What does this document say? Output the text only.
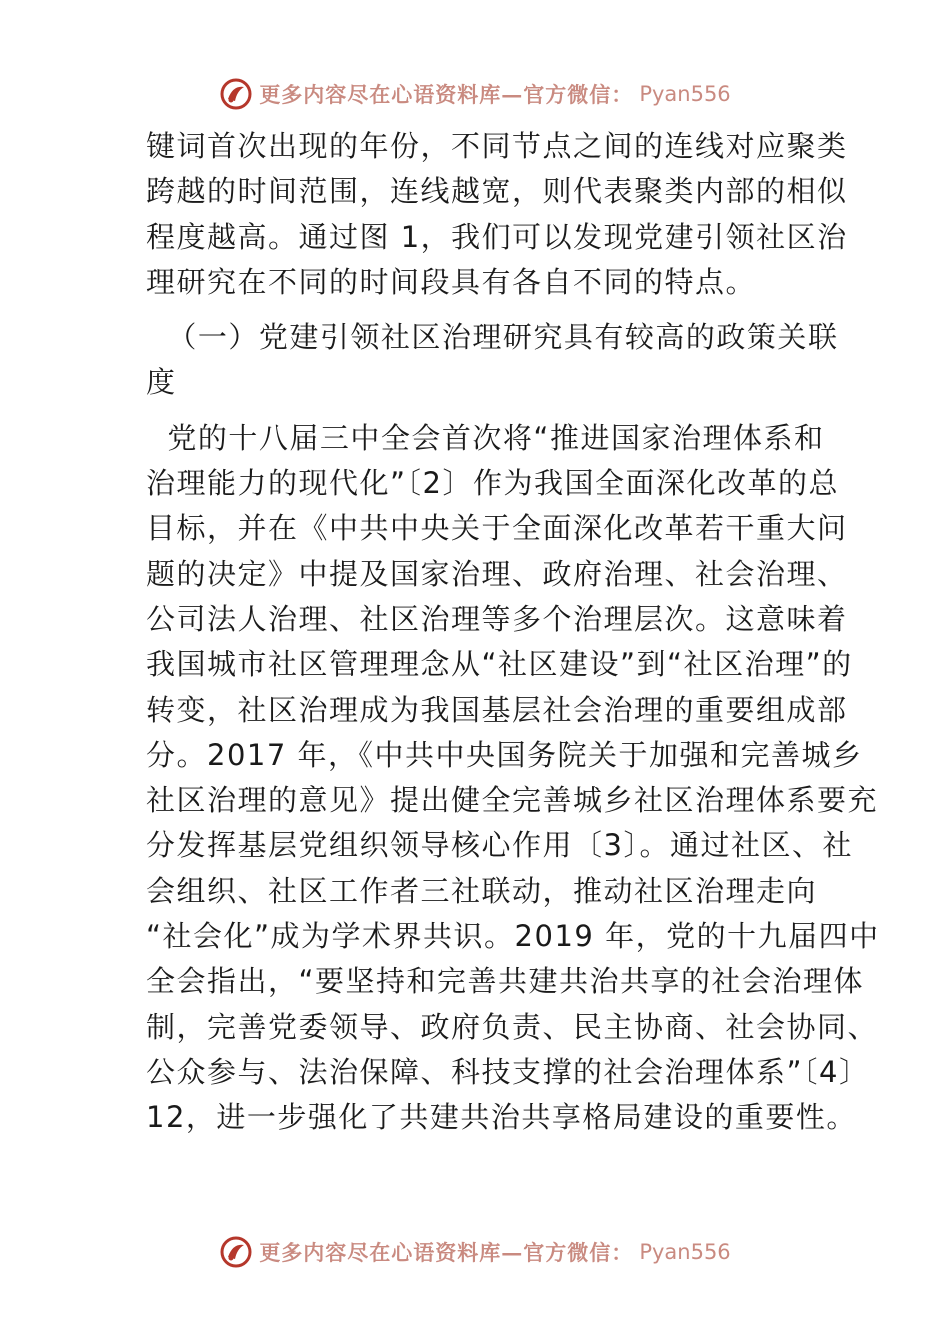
更多内容尽在心语资料库—官方微信： Pyan556
键词首次出现的年份，不同节点之间的连线对应聚类
跨越的时间范围，连线越宽，则代表聚类内部的相似
程度越高。通过图 1，我们可以发现党建引领社区治
理研究在不同的时间段具有各自不同的特点。
（一）党建引领社区治理研究具有较高的政策关联
度
党的十八届三中全会首次将“推进国家治理体系和
治理能力的现代化”〔2〕作为我国全面深化改革的总
目标，并在《中共中央关于全面深化改革若干重大问
题的决定》中提及国家治理、政府治理、社会治理、
公司法人治理、社区治理等多个治理层次。这意味着
我国城市社区管理理念从“社区建设”到“社区治理”的
转变，社区治理成为我国基层社会治理的重要组成部
分。2017 年，《中共中央国务院关于加强和完善城乡
社区治理的意见》提出健全完善城乡社区治理体系要充
分发挥基层党组织领导核心作用〔3〕。通过社区、社
会组织、社区工作者三社联动，推动社区治理走向
“社会化”成为学术界共识。2019 年，党的十九届四中
全会指出，“要坚持和完善共建共治共享的社会治理体
制，完善党委领导、政府负责、民主协商、社会协同、
公众参与、法治保障、科技支撑的社会治理体系”〔4〕
12，进一步强化了共建共治共享格局建设的重要性。
更多内容尽在心语资料库—官方微信： Pyan556
